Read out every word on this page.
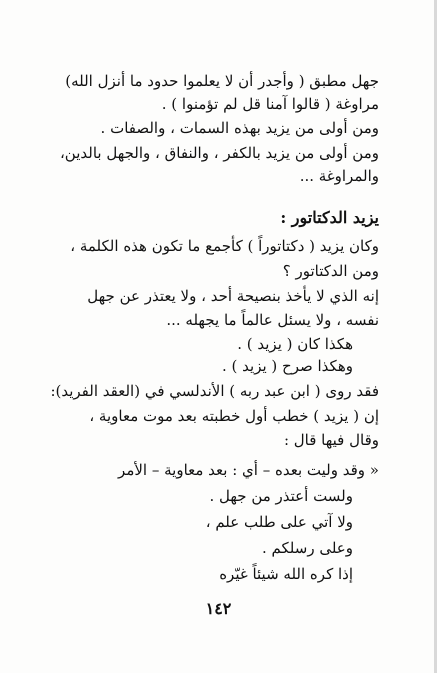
جهل مطبق ( وأجدر أن لا يعلموا حدود ما أنزل الله)
مراوغة ( قالوا آمنا قل لم تؤمنوا ) .
ومن أولى من يزيد بهذه السمات ، والصفات .
ومن أولى من يزيد بالكفر ، والنفاق ، والجهل بالدين،
والمراوغة ...
يزيد الدكتاتور :
وكان يزيد ( دكتاتوراً ) كأجمع ما تكون هذه الكلمة ،
ومن الدكتاتور ؟
إنه الذي لا يأخذ بنصيحة أحد ، ولا يعتذر عن جهل
نفسه ، ولا يسئل عالماً ما يجهله ...
هكذا كان ( يزيد ) .
وهكذا صرح ( يزيد ) .
فقد روى ( ابن عبد ربه ) الأندلسي في (العقد الفريد):
إن ( يزيد ) خطب أول خطبته بعد موت معاوية ،
وقال فيها قال :
« وقد وليت بعده – أي : بعد معاوية – الأمر
ولست أعتذر من جهل .
ولا آتي على طلب علم ،
وعلى رسلكم .
إذا كره الله شيئاً غيّره
١٤٢
